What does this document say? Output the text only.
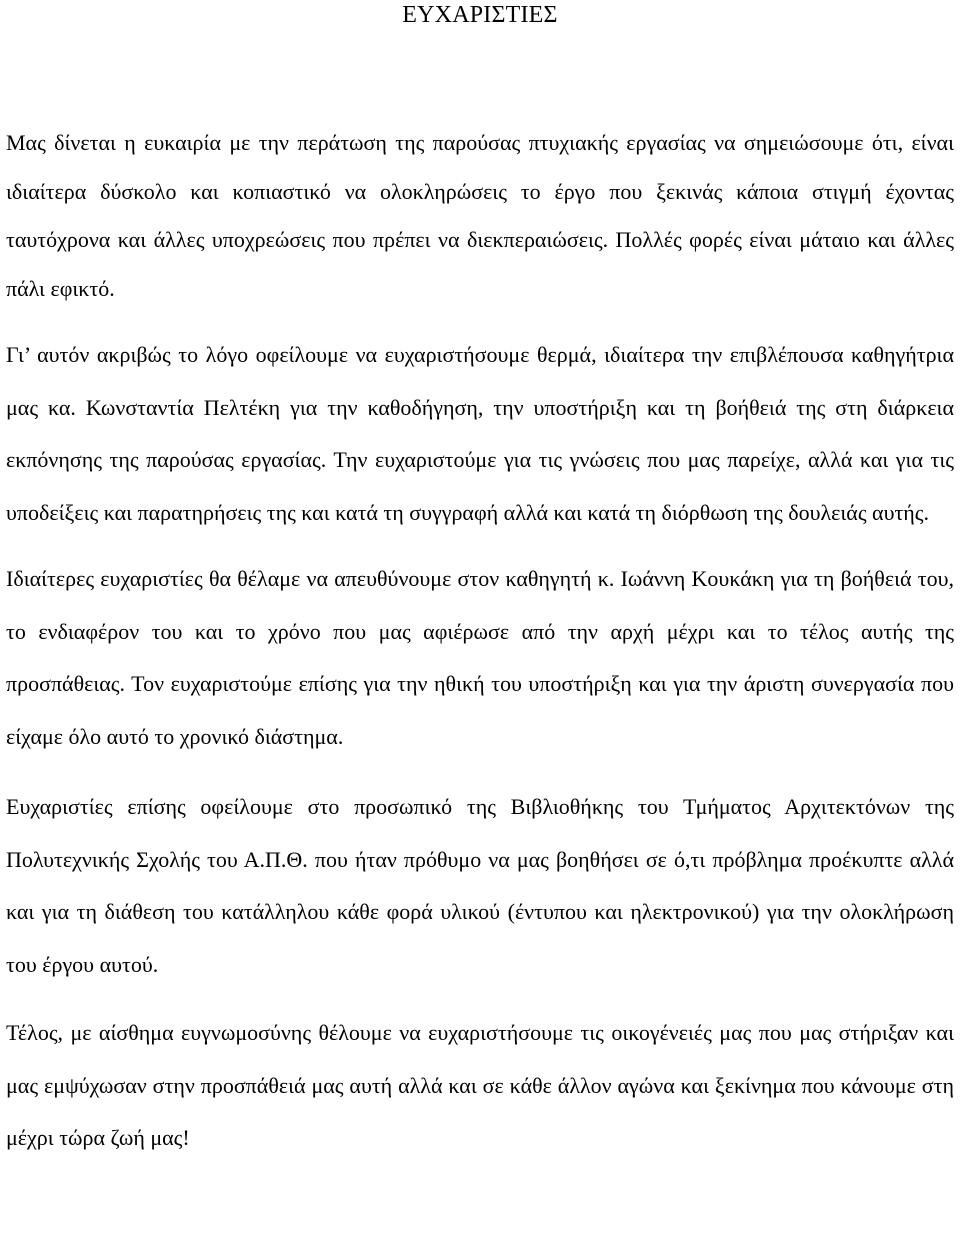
ΕΥΧΑΡΙΣΤΙΕΣ

Μας δίνεται η ευκαιρία με την περάτωση της παρούσας πτυχιακής εργασίας να σημειώσουμε ότι, είναι ιδιαίτερα δύσκολο και κοπιαστικό να ολοκληρώσεις το έργο που ξεκινάς κάποια στιγμή έχοντας ταυτόχρονα και άλλες υποχρεώσεις που πρέπει να διεκπεραιώσεις. Πολλές φορές είναι μάταιο και άλλες πάλι εφικτό.

Γι’ αυτόν ακριβώς το λόγο οφείλουμε να ευχαριστήσουμε θερμά, ιδιαίτερα την επιβλέπουσα καθηγήτρια μας κα. Κωνσταντία Πελτέκη για την καθοδήγηση, την υποστήριξη και τη βοήθειά της στη διάρκεια εκπόνησης της παρούσας εργασίας. Την ευχαριστούμε για τις γνώσεις που μας παρείχε, αλλά και για τις υποδείξεις και παρατηρήσεις της και κατά τη συγγραφή αλλά και κατά τη διόρθωση της δουλειάς αυτής.

Ιδιαίτερες ευχαριστίες θα θέλαμε να απευθύνουμε στον καθηγητή κ. Ιωάννη Κουκάκη για τη βοήθειά του, το ενδιαφέρον του και το χρόνο που μας αφιέρωσε από την αρχή μέχρι και το τέλος αυτής της προσπάθειας. Τον ευχαριστούμε επίσης για την ηθική του υποστήριξη και για την άριστη συνεργασία που είχαμε όλο αυτό το χρονικό διάστημα.

Ευχαριστίες επίσης οφείλουμε στο προσωπικό της Βιβλιοθήκης του Τμήματος Αρχιτεκτόνων της Πολυτεχνικής Σχολής του Α.Π.Θ. που ήταν πρόθυμο να μας βοηθήσει σε ό,τι πρόβλημα προέκυπτε αλλά και για τη διάθεση του κατάλληλου κάθε φορά υλικού (έντυπου και ηλεκτρονικού) για την ολοκλήρωση του έργου αυτού.

Τέλος, με αίσθημα ευγνωμοσύνης θέλουμε να ευχαριστήσουμε τις οικογένειές μας που μας στήριξαν και μας εμψύχωσαν στην προσπάθειά μας αυτή αλλά και σε κάθε άλλον αγώνα και ξεκίνημα που κάνουμε στη μέχρι τώρα ζωή μας!
